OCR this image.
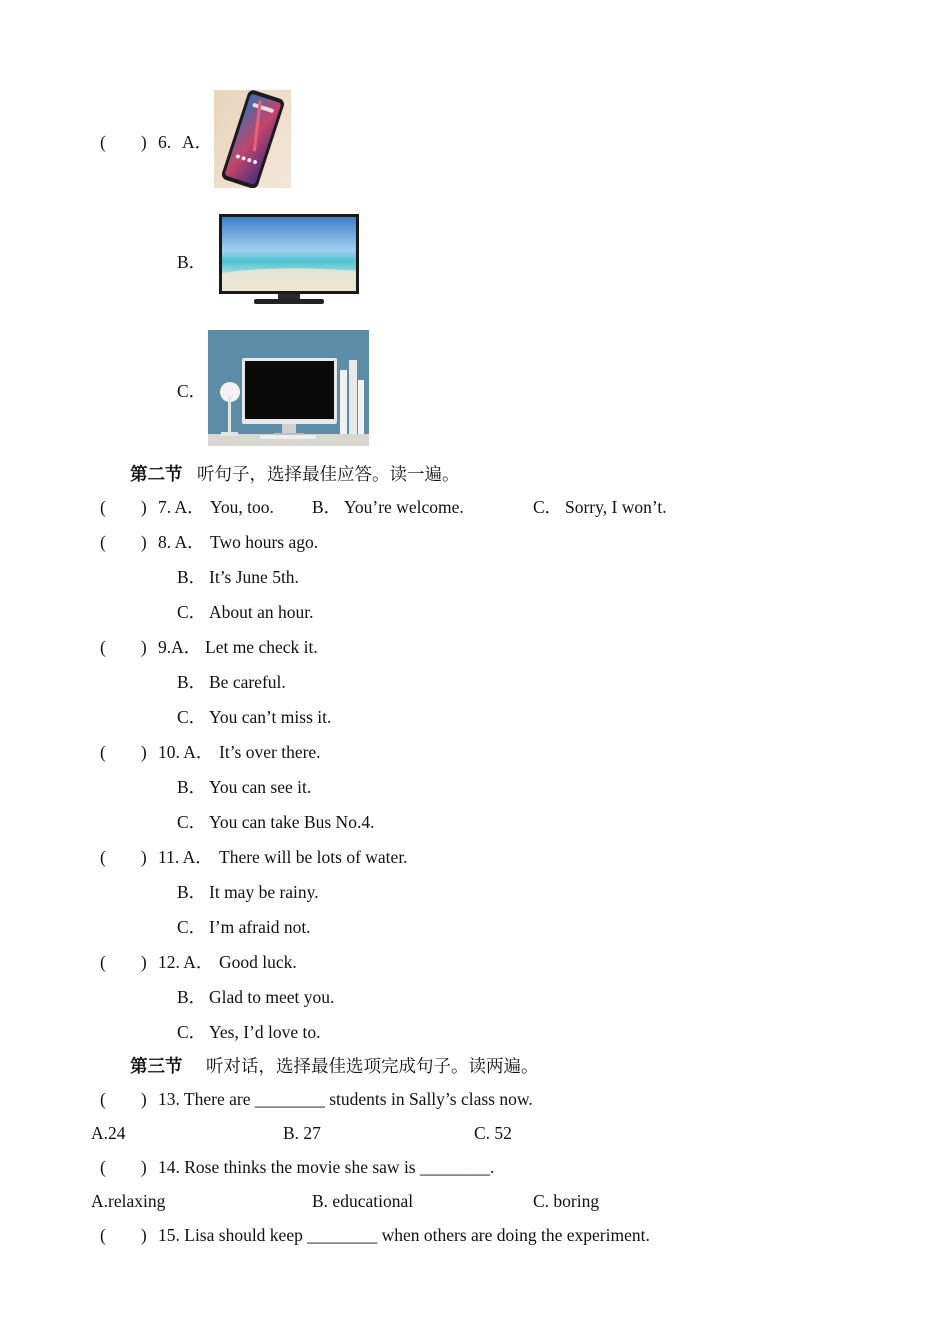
(　　) 6. A．
B．
C．
第二节 听句子，选择最佳应答。读一遍。
(　　) 7. A． You, too. B． You’re welcome.	C． Sorry, I won’t.
(　　) 8. A． Two hours ago.
B． It’s June 5th.
C． About an hour.
(　　) 9.A． Let me check it.
B． Be careful.
C． You can’t miss it.
(　　) 10. A． It’s over there.
B． You can see it.
C． You can take Bus No.4.
(　　) 11. A． There will be lots of water.
B． It may be rainy.
C． I’m afraid not.
(　　) 12. A． Good luck.
B． Glad to meet you.
C． Yes, I’d love to.
第三节 听对话，选择最佳选项完成句子。读两遍。
(　　) 13. There are ________ students in Sally’s class now.
A.24	B. 27	C. 52
(　　) 14. Rose thinks the movie she saw is ________.
A.relaxing	B. educational	C. boring
(　　) 15. Lisa should keep ________ when others are doing the experiment.
